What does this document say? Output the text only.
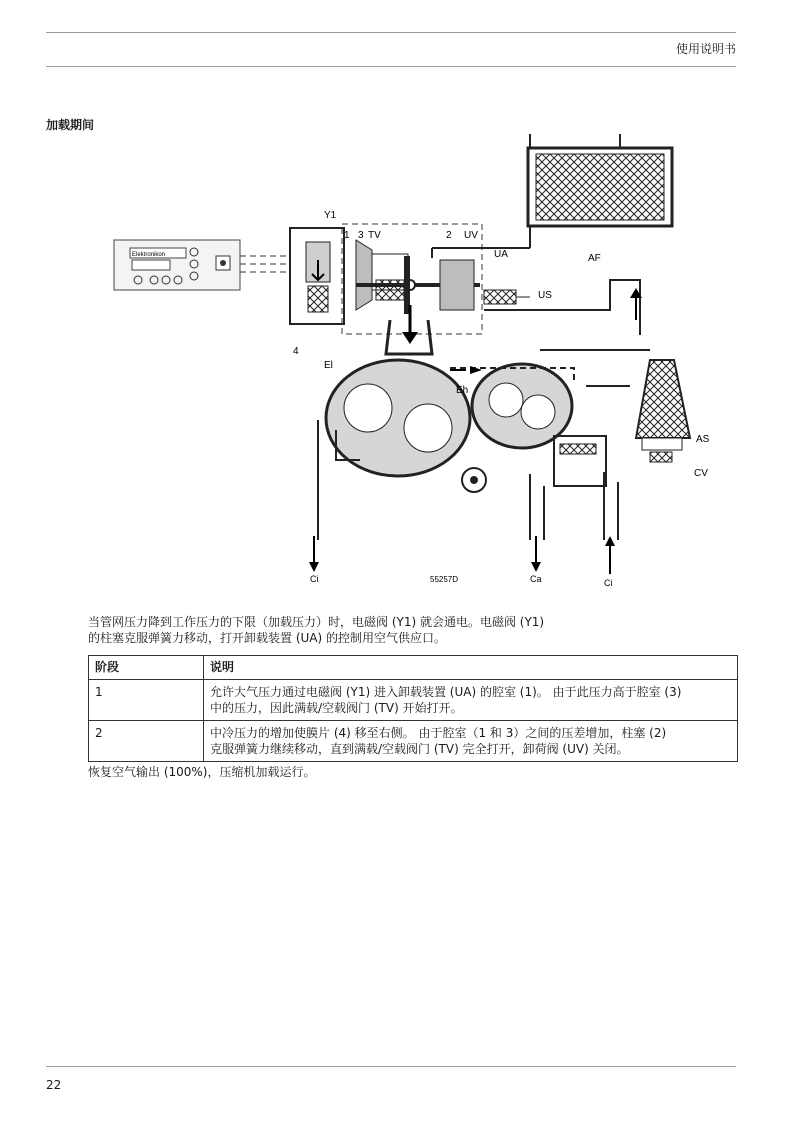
使用说明书
加载期间
Elektronikon
Y1
1 3 TV	2 UV
UA
US
AF
4
El
Eh
AS
CV
Ci	55257D	Ca	Ci
当管网压力降到工作压力的下限（加载压力）时，电磁阀 (Y1) 就会通电。电磁阀 (Y1)
的柱塞克服弹簧力移动，打开卸载装置 (UA) 的控制用空气供应口。
阶段	说明
1	允许大气压力通过电磁阀 (Y1) 进入卸载装置 (UA) 的腔室 (1)。 由于此压力高于腔室 (3)
中的压力，因此满载/空载阀门 (TV) 开始打开。

2	中冷压力的增加使膜片 (4) 移至右侧。 由于腔室（1 和 3）之间的压差增加，柱塞 (2)
克服弹簧力继续移动，直到满载/空载阀门 (TV) 完全打开，卸荷阀 (UV) 关闭。
恢复空气输出 (100%)，压缩机加载运行。
22
